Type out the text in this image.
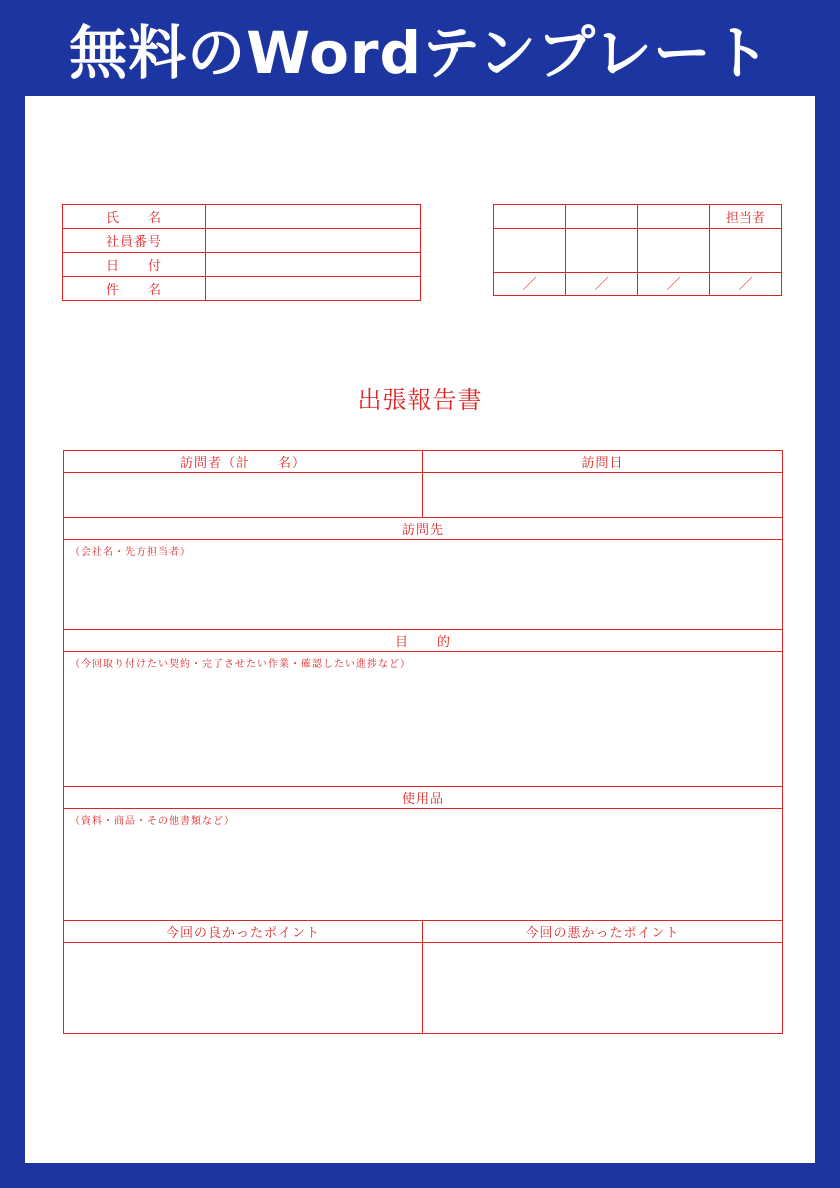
無料のWordテンプレート
氏　　名	
社員番号	
日　　付	
件　　名	
			担当者

／	／	／	／
出張報告書
訪問者（計　　名）	訪問日

訪問先	
（会社名・先方担当者）	
目　　的	
（今回取り付けたい契約・完了させたい作業・確認したい進捗など）	
使用品	
（資料・商品・その他書類など）	
今回の良かったポイント	今回の悪かったポイント
